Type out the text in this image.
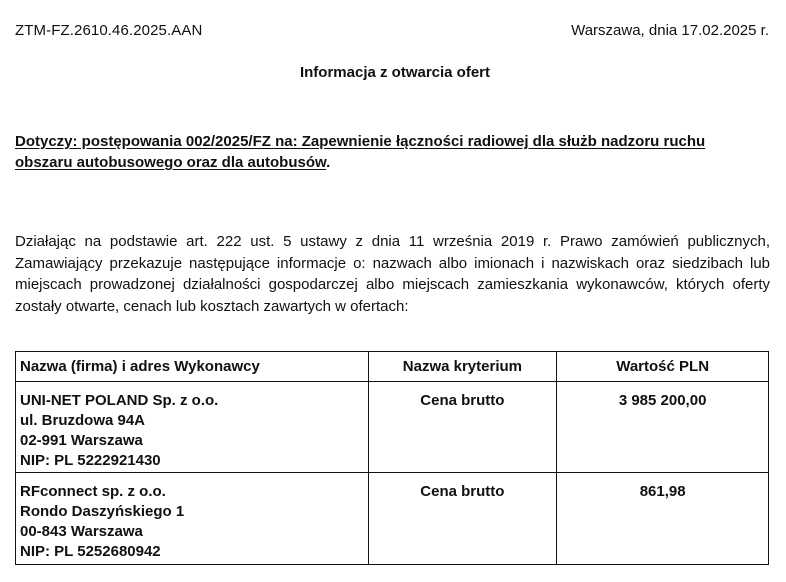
ZTM-FZ.2610.46.2025.AAN	Warszawa, dnia 17.02.2025 r.
Informacja z otwarcia ofert
Dotyczy: postępowania 002/2025/FZ na: Zapewnienie łączności radiowej dla służb nadzoru ruchu obszaru autobusowego oraz dla autobusów.
Działając na podstawie art. 222 ust. 5 ustawy z dnia 11 września 2019 r. Prawo zamówień publicznych, Zamawiający przekazuje następujące informacje o: nazwach albo imionach i nazwiskach oraz siedzibach lub miejscach prowadzonej działalności gospodarczej albo miejscach zamieszkania wykonawców, których oferty zostały otwarte, cenach lub kosztach zawartych w ofertach:
Nazwa (firma) i adres Wykonawcy	Nazwa kryterium	Wartość PLN

UNI-NET POLAND Sp. z o.o.
ul. Bruzdowa 94A
02-991 Warszawa
NIP: PL 5222921430	Cena brutto	3 985 200,00

RFconnect sp. z o.o.
Rondo Daszyńskiego 1
00-843 Warszawa
NIP: PL 5252680942	Cena brutto	861,98
